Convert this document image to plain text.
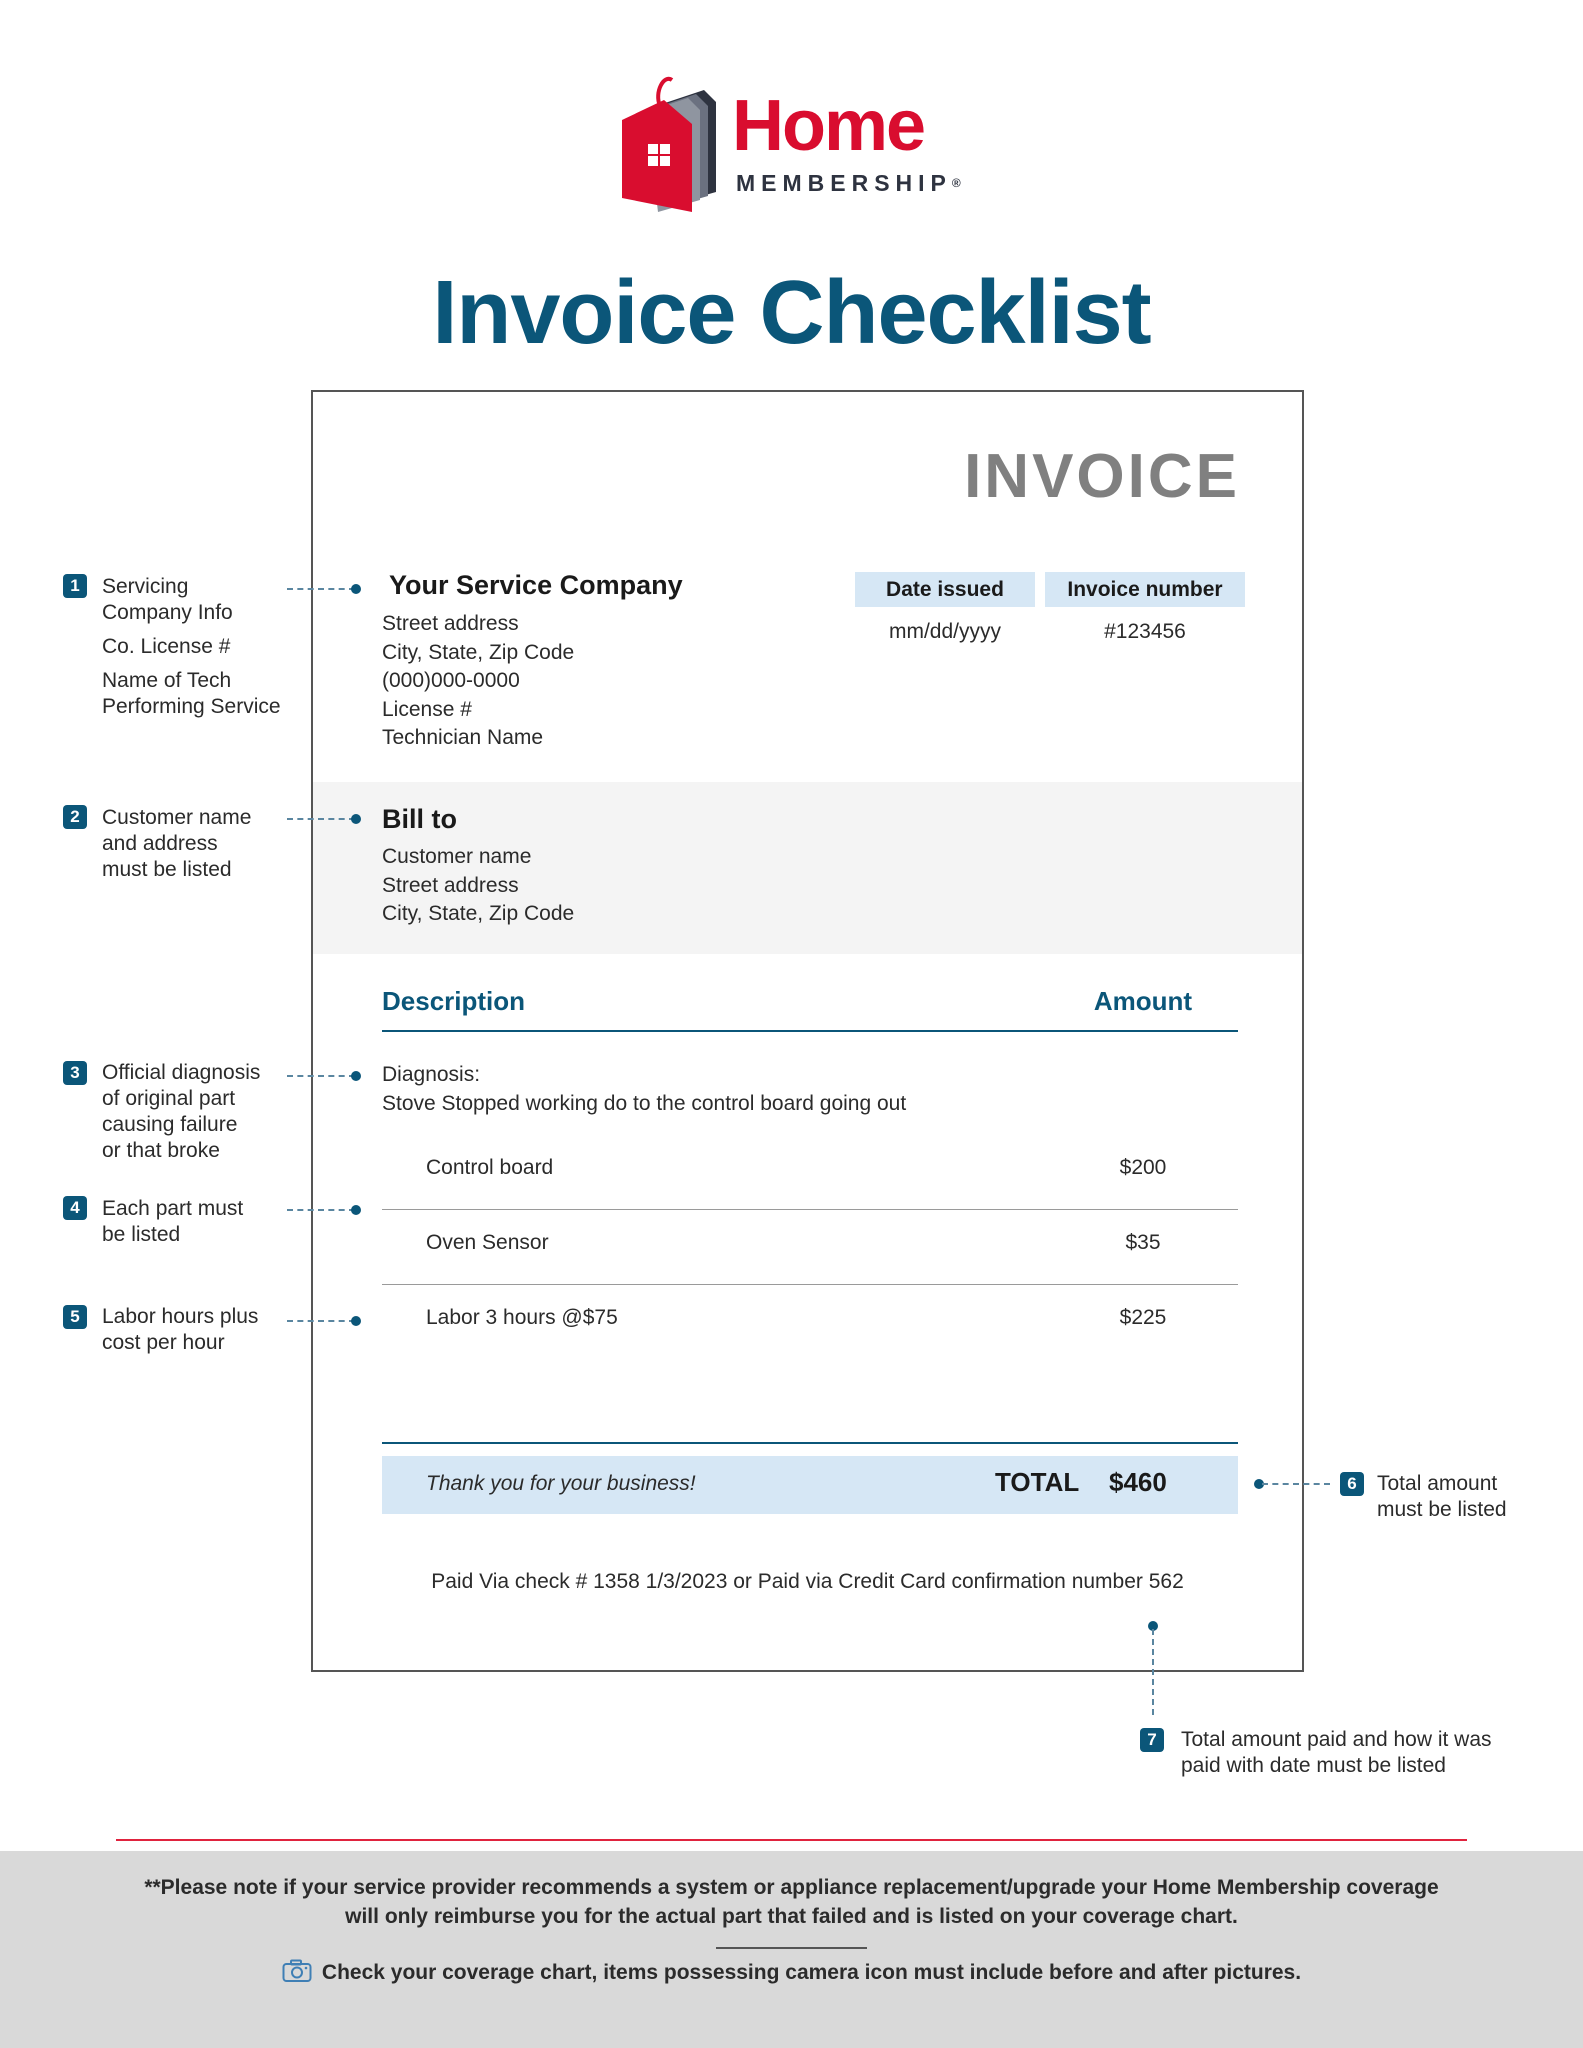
Home
MEMBERSHIP®
Invoice Checklist
INVOICE
Your Service Company
Street address
City, State, Zip Code
(000)000-0000
License #
Technician Name
Date issued	Invoice number
mm/dd/yyyy	#123456
Bill to
Customer name
Street address
City, State, Zip Code
Description	Amount
Diagnosis:
Stove Stopped working do to the control board going out
Control board	$200
Oven Sensor	$35
Labor 3 hours @$75	$225
Thank you for your business!	TOTAL $460
Paid Via check # 1358 1/3/2023 or Paid via Credit Card confirmation number 562
1	Servicing
Company Info
Co. License #
Name of Tech
Performing Service
2	Customer name
and address
must be listed
3	Official diagnosis
of original part
causing failure
or that broke
4	Each part must
be listed
5	Labor hours plus
cost per hour
6 Total amount
must be listed
7	Total amount paid and how it was
paid with date must be listed
**Please note if your service provider recommends a system or appliance replacement/upgrade your Home Membership coverage
will only reimburse you for the actual part that failed and is listed on your coverage chart.
Check your coverage chart, items possessing camera icon must include before and after pictures.
